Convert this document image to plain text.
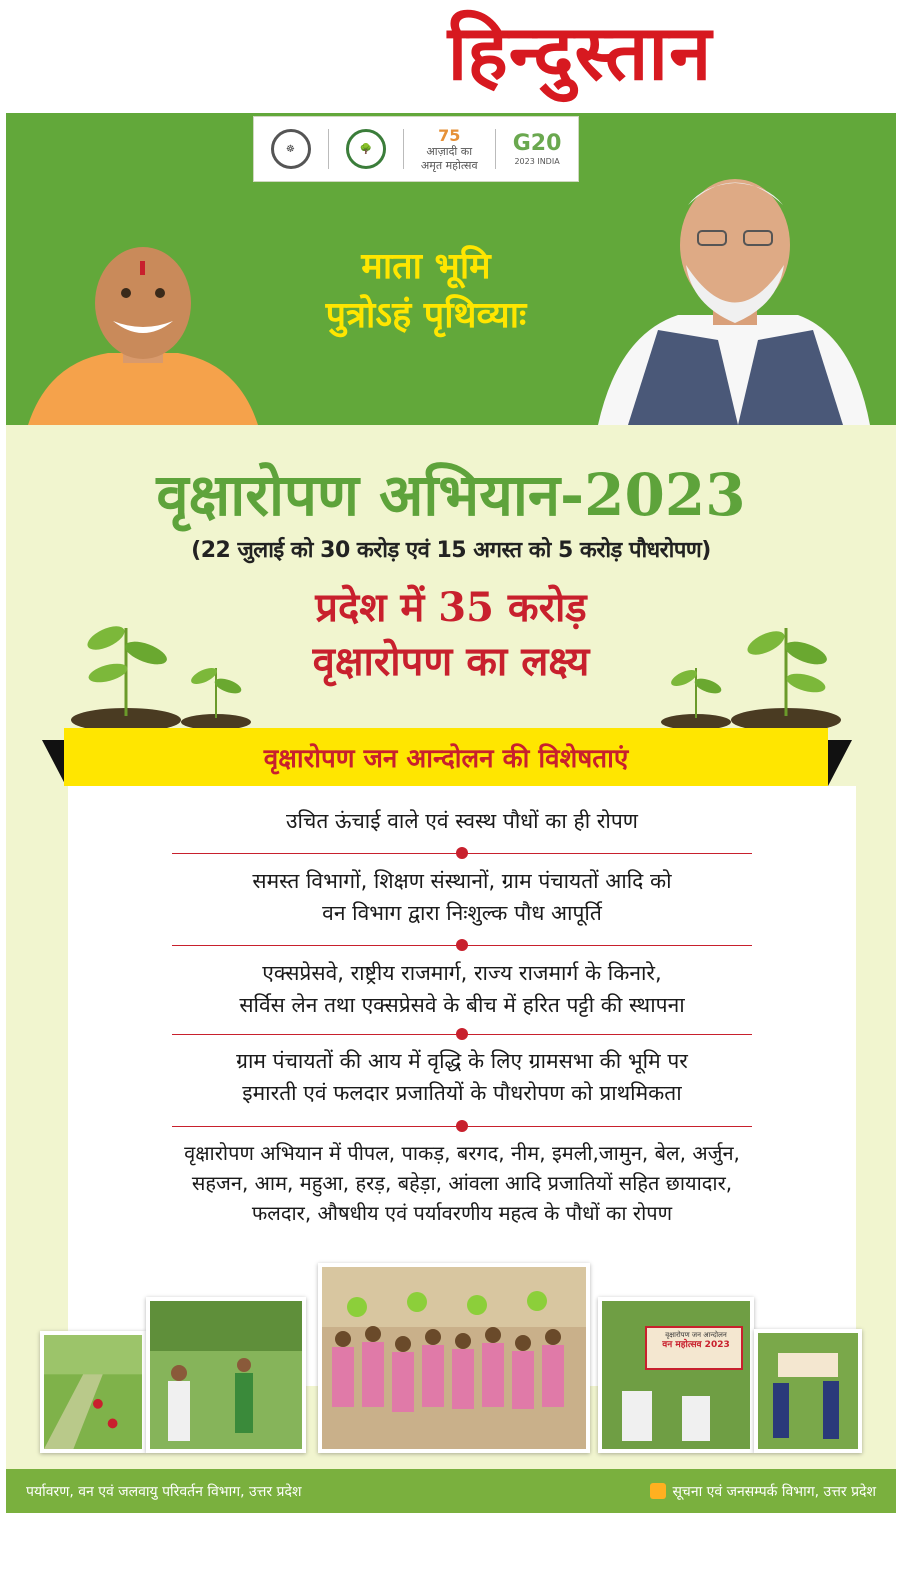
हिन्दुस्तान
☸	🌳
75
आज़ादी का
अमृत महोत्सव
G20
2023 INDIA
माता भूमि
पुत्रोऽहं पृथिव्याः
वृक्षारोपण अभियान-2023
(22 जुलाई को 30 करोड़ एवं 15 अगस्त को 5 करोड़ पौधरोपण)
प्रदेश में 35 करोड़
वृक्षारोपण का लक्ष्य
वृक्षारोपण जन आन्दोलन की विशेषताएं
उचित ऊंचाई वाले एवं स्वस्थ पौधों का ही रोपण
समस्त विभागों, शिक्षण संस्थानों, ग्राम पंचायतों आदि को
वन विभाग द्वारा निःशुल्क पौध आपूर्ति
एक्सप्रेसवे, राष्ट्रीय राजमार्ग, राज्य राजमार्ग के किनारे,
सर्विस लेन तथा एक्सप्रेसवे के बीच में हरित पट्टी की स्थापना
ग्राम पंचायतों की आय में वृद्धि के लिए ग्रामसभा की भूमि पर
इमारती एवं फलदार प्रजातियों के पौधरोपण को प्राथमिकता
वृक्षारोपण अभियान में पीपल, पाकड़, बरगद, नीम, इमली,जामुन, बेल, अर्जुन,
सहजन, आम, महुआ, हरड़, बहेड़ा, आंवला आदि प्रजातियों सहित छायादार,
फलदार, औषधीय एवं पर्यावरणीय महत्व के पौधों का रोपण
वृक्षारोपण जन आन्दोलन
वन महोत्सव 2023
पर्यावरण, वन एवं जलवायु परिवर्तन विभाग, उत्तर प्रदेश	सूचना एवं जनसम्पर्क विभाग, उत्तर प्रदेश
